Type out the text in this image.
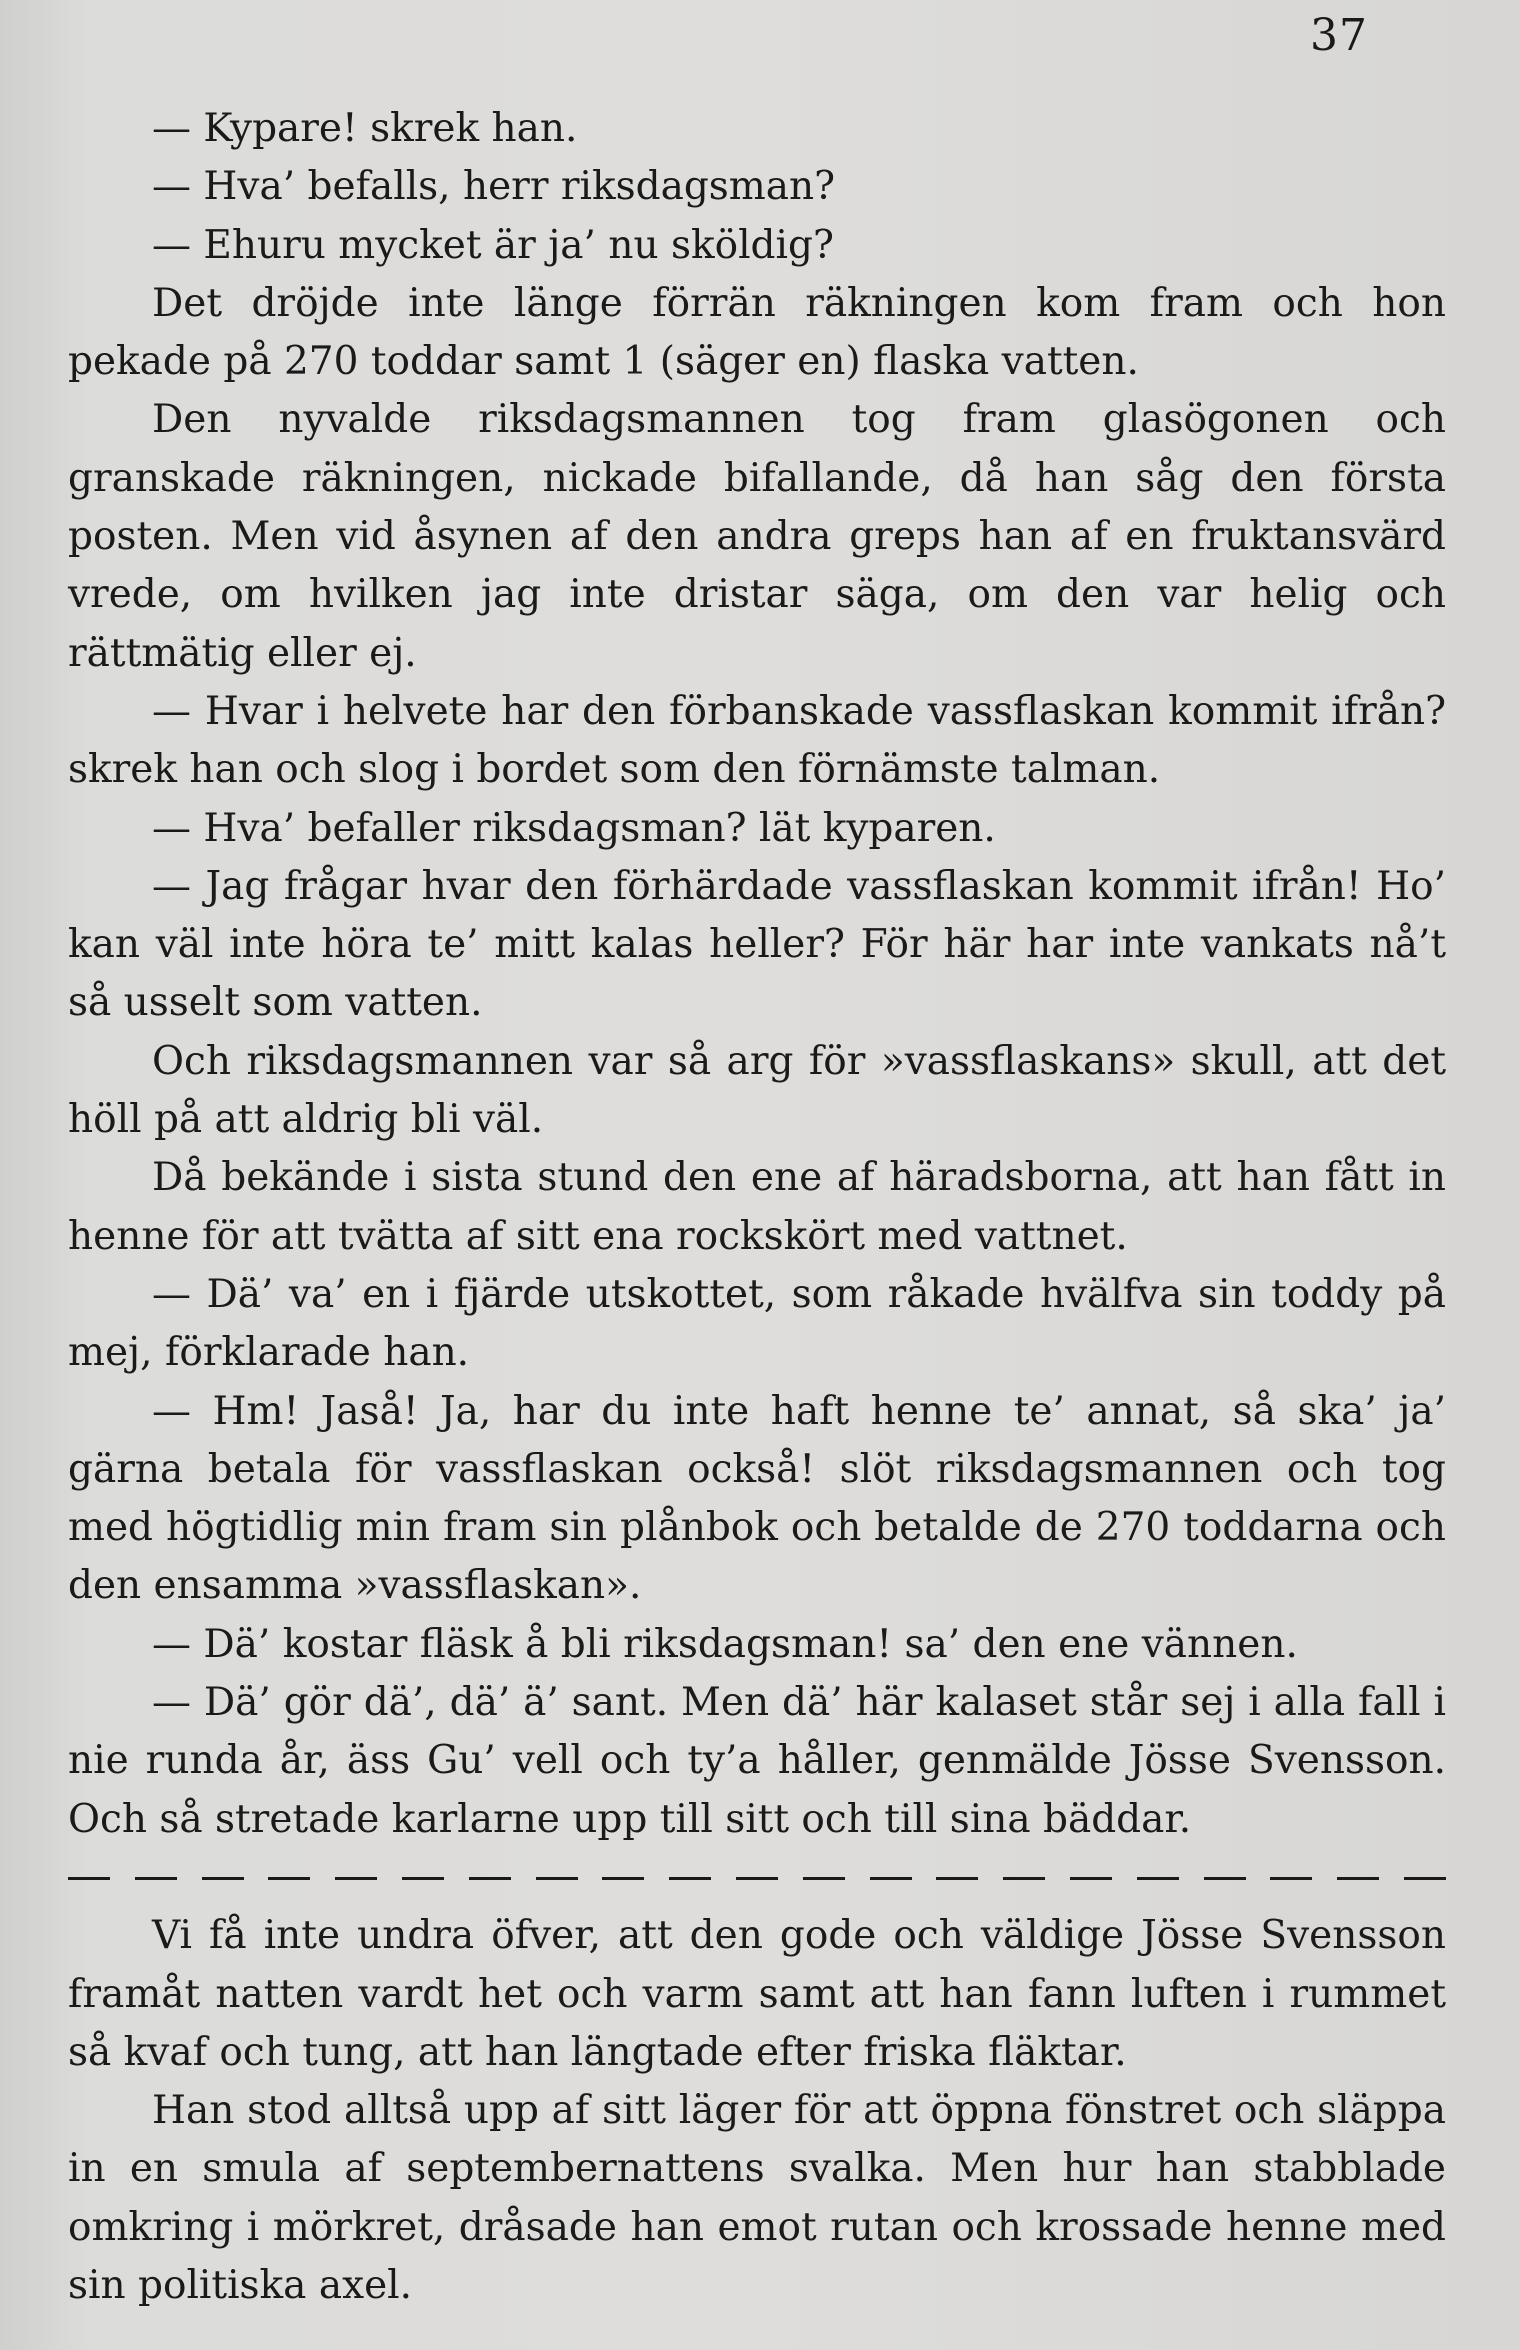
37

— Kypare! skrek han.

— Hva’ befalls, herr riksdagsman?

— Ehuru mycket är ja’ nu sköldig?

Det dröjde inte länge förrän räkningen kom fram och hon pekade på 270 toddar samt 1 (säger en) flaska vatten.

Den nyvalde riksdagsmannen tog fram glasögonen och granskade räkningen, nickade bifallande, då han såg den första posten. Men vid åsynen af den andra greps han af en fruktansvärd vrede, om hvilken jag inte dristar säga, om den var helig och rättmätig eller ej.

— Hvar i helvete har den förbanskade vassflaskan kommit ifrån? skrek han och slog i bordet som den förnämste talman.

— Hva’ befaller riksdagsman? lät kyparen.

— Jag frågar hvar den förhärdade vassflaskan kommit ifrån! Ho’ kan väl inte höra te’ mitt kalas heller? För här har inte vankats nå’t så usselt som vatten.

Och riksdagsmannen var så arg för »vassflaskans» skull, att det höll på att aldrig bli väl.

Då bekände i sista stund den ene af häradsborna, att han fått in henne för att tvätta af sitt ena rockskört med vattnet.

— Dä’ va’ en i fjärde utskottet, som råkade hvälfva sin toddy på mej, förklarade han.

— Hm! Jaså! Ja, har du inte haft henne te’ annat, så ska’ ja’ gärna betala för vassflaskan också! slöt riksdagsmannen och tog med högtidlig min fram sin plånbok och betalde de 270 toddarna och den ensamma »vassflaskan».

— Dä’ kostar fläsk å bli riksdagsman! sa’ den ene vännen.

— Dä’ gör dä’, dä’ ä’ sant. Men dä’ här kalaset står sej i alla fall i nie runda år, äss Gu’ vell och ty’a håller, genmälde Jösse Svensson. Och så stretade karlarne upp till sitt och till sina bäddar.

Vi få inte undra öfver, att den gode och väldige Jösse Svensson framåt natten vardt het och varm samt att han fann luften i rummet så kvaf och tung, att han längtade efter friska fläktar.

Han stod alltså upp af sitt läger för att öppna fönstret och släppa in en smula af septembernattens svalka. Men hur han stabblade omkring i mörkret, dråsade han emot rutan och krossade henne med sin politiska axel.
